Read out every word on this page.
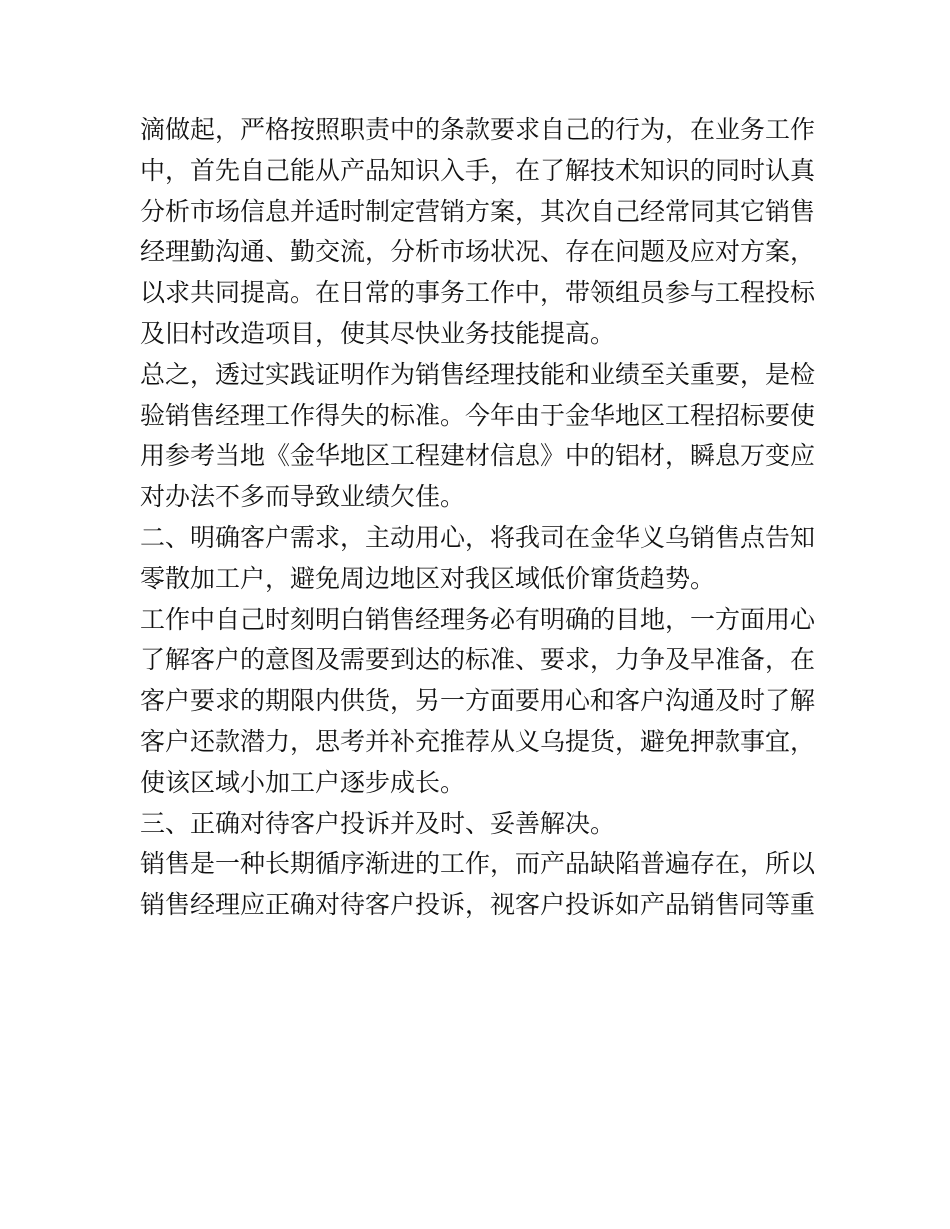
滴做起，严格按照职责中的条款要求自己的行为，在业务工作
中，首先自己能从产品知识入手，在了解技术知识的同时认真
分析市场信息并适时制定营销方案，其次自己经常同其它销售
经理勤沟通、勤交流，分析市场状况、存在问题及应对方案，
以求共同提高。在日常的事务工作中，带领组员参与工程投标
及旧村改造项目，使其尽快业务技能提高。
总之，透过实践证明作为销售经理技能和业绩至关重要，是检
验销售经理工作得失的标准。今年由于金华地区工程招标要使
用参考当地《金华地区工程建材信息》中的铝材，瞬息万变应
对办法不多而导致业绩欠佳。
二、明确客户需求，主动用心，将我司在金华义乌销售点告知
零散加工户，避免周边地区对我区域低价窜货趋势。
工作中自己时刻明白销售经理务必有明确的目地，一方面用心
了解客户的意图及需要到达的标准、要求，力争及早准备，在
客户要求的期限内供货，另一方面要用心和客户沟通及时了解
客户还款潜力，思考并补充推荐从义乌提货，避免押款事宜，
使该区域小加工户逐步成长。
三、正确对待客户投诉并及时、妥善解决。
销售是一种长期循序渐进的工作，而产品缺陷普遍存在，所以
销售经理应正确对待客户投诉，视客户投诉如产品销售同等重
